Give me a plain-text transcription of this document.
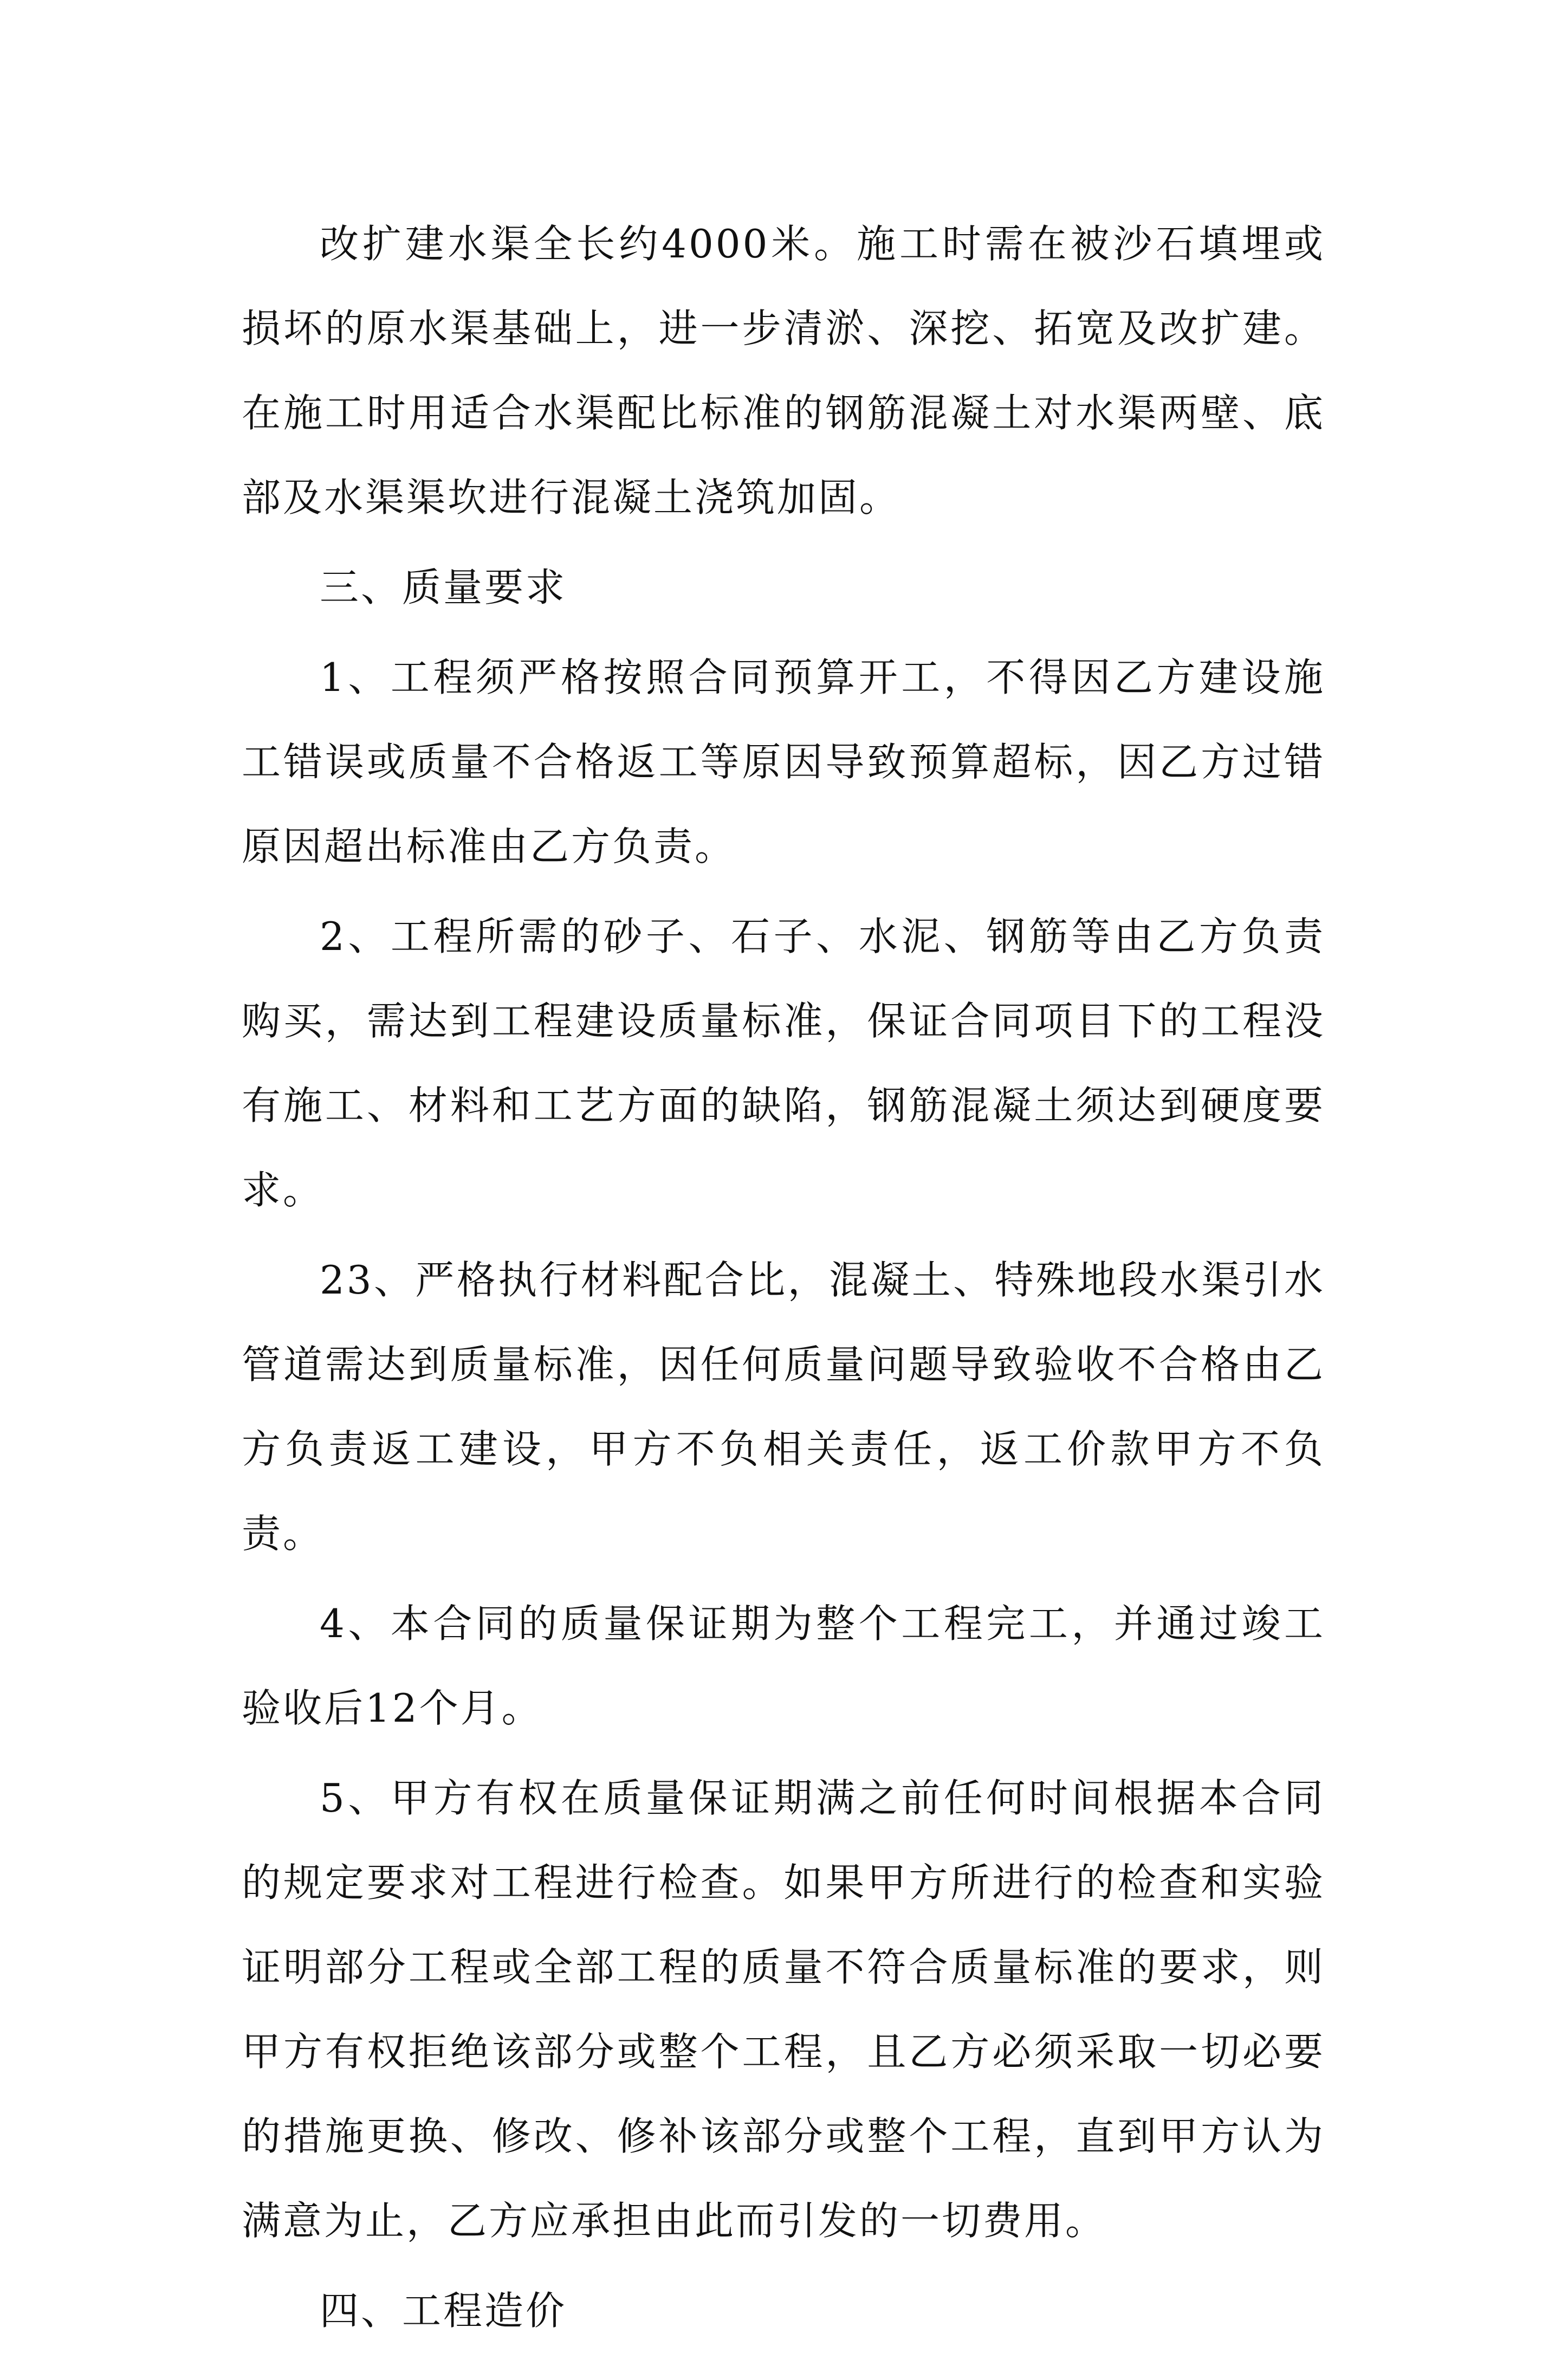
改扩建水渠全长约4000米。施工时需在被沙石填埋或损坏的原水渠基础上，进一步清淤、深挖、拓宽及改扩建。在施工时用适合水渠配比标准的钢筋混凝土对水渠两壁、底部及水渠渠坎进行混凝土浇筑加固。

三、质量要求

1、工程须严格按照合同预算开工，不得因乙方建设施工错误或质量不合格返工等原因导致预算超标，因乙方过错原因超出标准由乙方负责。

2、工程所需的砂子、石子、水泥、钢筋等由乙方负责购买，需达到工程建设质量标准，保证合同项目下的工程没有施工、材料和工艺方面的缺陷，钢筋混凝土须达到硬度要求。

23、严格执行材料配合比，混凝土、特殊地段水渠引水管道需达到质量标准，因任何质量问题导致验收不合格由乙方负责返工建设，甲方不负相关责任，返工价款甲方不负责。

4、本合同的质量保证期为整个工程完工，并通过竣工验收后12个月。

5、甲方有权在质量保证期满之前任何时间根据本合同的规定要求对工程进行检查。如果甲方所进行的检查和实验证明部分工程或全部工程的质量不符合质量标准的要求，则甲方有权拒绝该部分或整个工程，且乙方必须采取一切必要的措施更换、修改、修补该部分或整个工程，直到甲方认为满意为止，乙方应承担由此而引发的一切费用。

四、工程造价
